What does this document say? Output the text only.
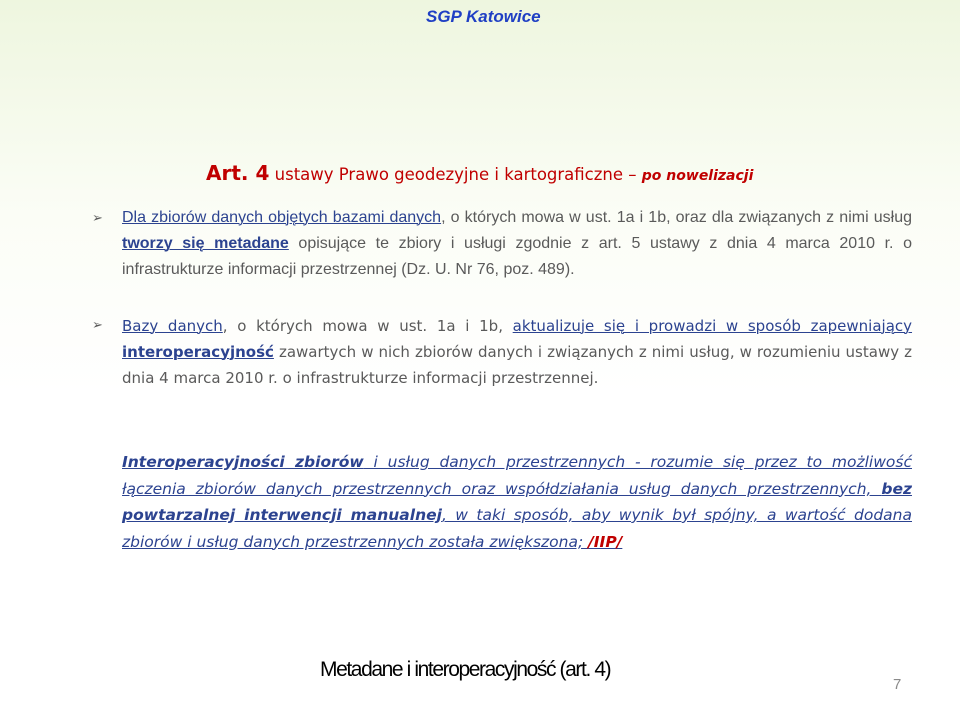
SGP Katowice
Art. 4 ustawy Prawo geodezyjne i kartograficzne – po nowelizacji
➢ Dla zbiorów danych objętych bazami danych, o których mowa w ust. 1a i 1b, oraz dla związanych z nimi usług tworzy się metadane opisujące te zbiory i usługi zgodnie z art. 5 ustawy z dnia 4 marca 2010 r. o infrastrukturze informacji przestrzennej (Dz. U. Nr 76, poz. 489).
➢ Bazy danych, o których mowa w ust. 1a i 1b, aktualizuje się i prowadzi w sposób zapewniający interoperacyjność zawartych w nich zbiorów danych i związanych z nimi usług, w rozumieniu ustawy z dnia 4 marca 2010 r. o infrastrukturze informacji przestrzennej.
Interoperacyjności zbiorów i usług danych przestrzennych - rozumie się przez to możliwość łączenia zbiorów danych przestrzennych oraz współdziałania usług danych przestrzennych, bez powtarzalnej interwencji manualnej, w taki sposób, aby wynik był spójny, a wartość dodana zbiorów i usług danych przestrzennych została zwiększona; /IIP/
Metadane i interoperacyjność (art. 4)
7
